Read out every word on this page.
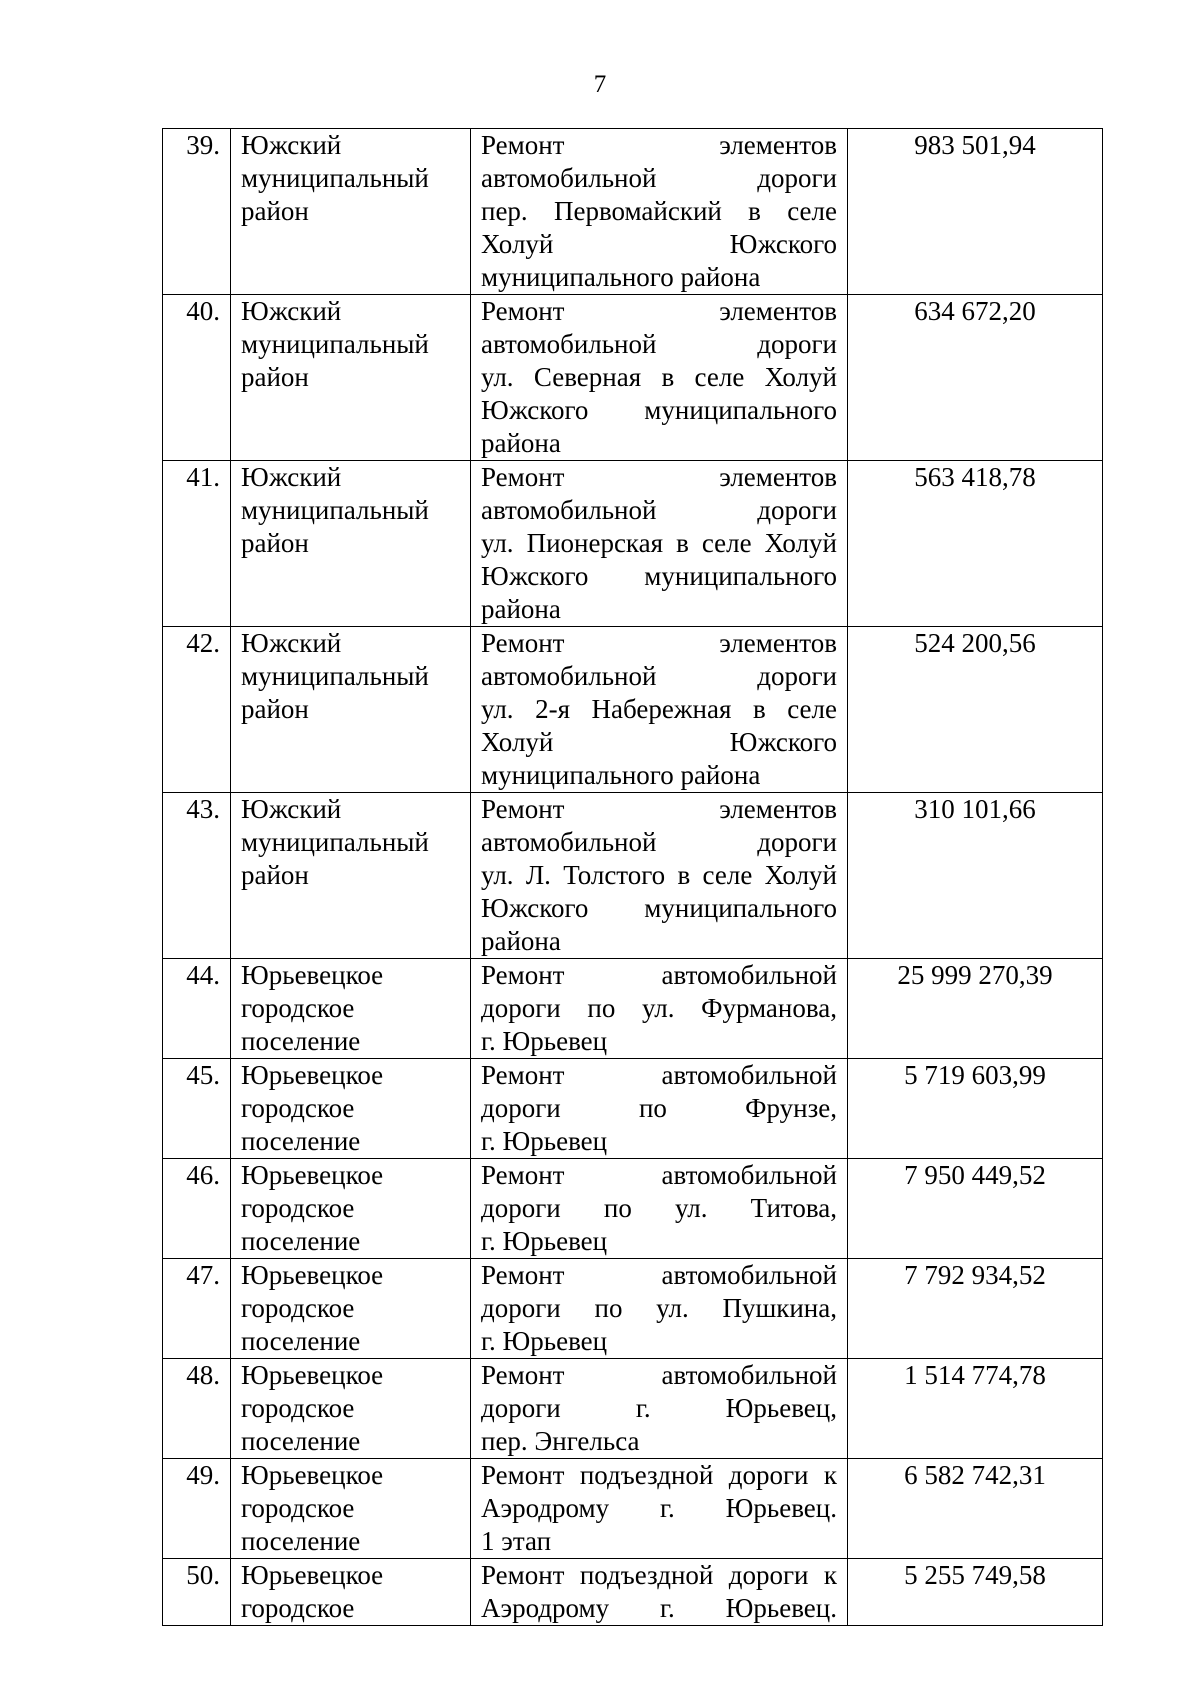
7
39.	Южский
муниципальный
район	Ремонт элементов
автомобильной дороги
пер. Первомайский в селе
Холуй Южского
муниципального района	983 501,94
40.	Южский
муниципальный
район	Ремонт элементов
автомобильной дороги
ул. Северная в селе Холуй
Южского муниципального
района	634 672,20
41.	Южский
муниципальный
район	Ремонт элементов
автомобильной дороги
ул. Пионерская в селе Холуй
Южского муниципального
района	563 418,78
42.	Южский
муниципальный
район	Ремонт элементов
автомобильной дороги
ул. 2-я Набережная в селе
Холуй Южского
муниципального района	524 200,56
43.	Южский
муниципальный
район	Ремонт элементов
автомобильной дороги
ул. Л. Толстого в селе Холуй
Южского муниципального
района	310 101,66
44.	Юрьевецкое
городское
поселение	Ремонт автомобильной
дороги по ул. Фурманова,
г. Юрьевец	25 999 270,39
45.	Юрьевецкое
городское
поселение	Ремонт автомобильной
дороги по Фрунзе,
г. Юрьевец	5 719 603,99
46.	Юрьевецкое
городское
поселение	Ремонт автомобильной
дороги по ул. Титова,
г. Юрьевец	7 950 449,52
47.	Юрьевецкое
городское
поселение	Ремонт автомобильной
дороги по ул. Пушкина,
г. Юрьевец	7 792 934,52
48.	Юрьевецкое
городское
поселение	Ремонт автомобильной
дороги г. Юрьевец,
пер. Энгельса	1 514 774,78
49.	Юрьевецкое
городское
поселение	Ремонт подъездной дороги к
Аэродрому г. Юрьевец.
1 этап	6 582 742,31
50.	Юрьевецкое
городское	Ремонт подъездной дороги к
Аэродрому г. Юрьевец.	5 255 749,58
